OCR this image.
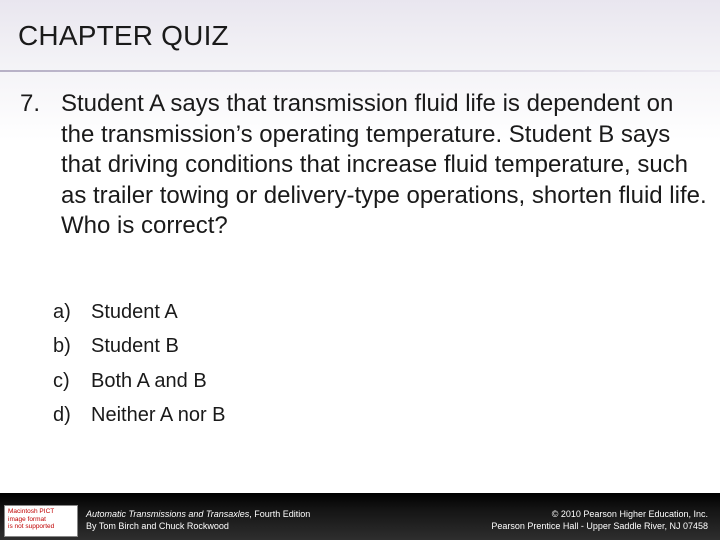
CHAPTER QUIZ
7. Student A says that transmission fluid life is dependent on the transmission’s operating temperature. Student B says that driving conditions that increase fluid temperature, such as trailer towing or delivery-type operations, shorten fluid life. Who is correct?
a) Student A
b) Student B
c) Both A and B
d) Neither A nor B
Macintosh PICT
image format
is not supported
Automatic Transmissions and Transaxles, Fourth Edition
By Tom Birch and Chuck Rockwood
© 2010 Pearson Higher Education, Inc.
Pearson Prentice Hall - Upper Saddle River, NJ 07458
